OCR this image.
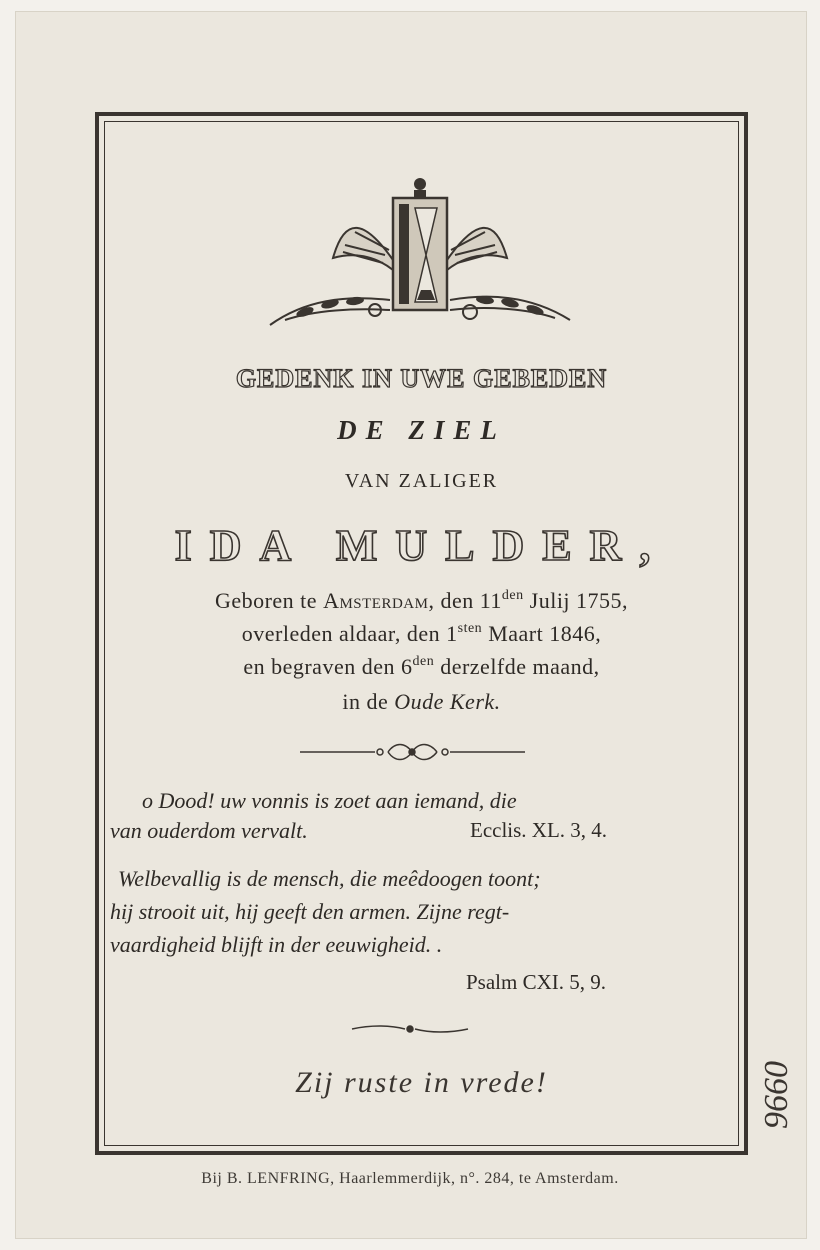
GEDENK IN UWE GEBEDEN
DE ZIEL
VAN ZALIGER
IDA MULDER,
Geboren te Amsterdam, den $11^{den}$ Julij 1755,
overleden aldaar, den $1^{sten}$ Maart 1846,
en begraven den $6^{den}$ derzelfde maand,
in de Oude Kerk.
o Dood! uw vonnis is zoet aan iemand, die
van ouderdom vervalt.	Ecclis. XL. 3, 4.
Welbevallig is de mensch, die meêdoogen toont;
hij strooit uit, hij geeft den armen. Zijne regt-
vaardigheid blijft in der eeuwigheid. .
Psalm CXI. 5, 9.
Zij ruste in vrede!
Bij B. LENFRING, Haarlemmerdijk, n°. 284, te Amsterdam.
9660
